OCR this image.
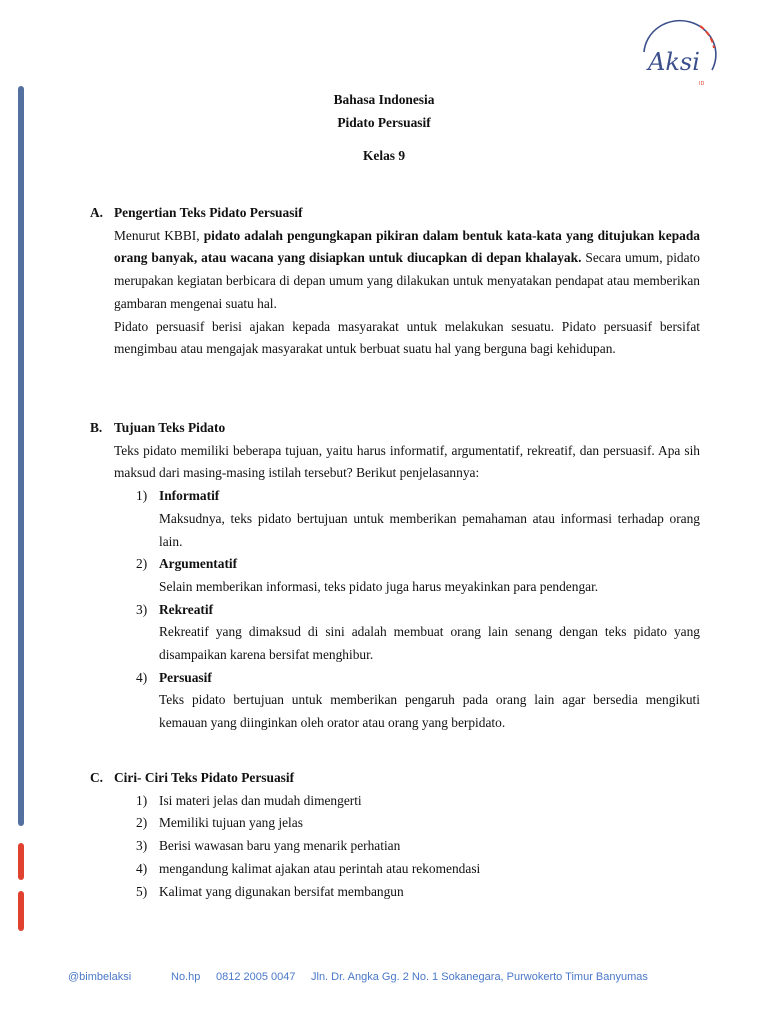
Aksi
ID
Bahasa Indonesia
Pidato Persuasif
Kelas 9
A. Pengertian Teks Pidato Persuasif
Menurut KBBI, pidato adalah pengungkapan pikiran dalam bentuk kata-kata yang ditujukan kepada orang banyak, atau wacana yang disiapkan untuk diucapkan di depan khalayak. Secara umum, pidato merupakan kegiatan berbicara di depan umum yang dilakukan untuk menyatakan pendapat atau memberikan gambaran mengenai suatu hal.
Pidato persuasif berisi ajakan kepada masyarakat untuk melakukan sesuatu. Pidato persuasif bersifat mengimbau atau mengajak masyarakat untuk berbuat suatu hal yang berguna bagi kehidupan.
B. Tujuan Teks Pidato
Teks pidato memiliki beberapa tujuan, yaitu harus informatif, argumentatif, rekreatif, dan persuasif. Apa sih maksud dari masing-masing istilah tersebut? Berikut penjelasannya:
1) Informatif
Maksudnya, teks pidato bertujuan untuk memberikan pemahaman atau informasi terhadap orang lain.
2) Argumentatif
Selain memberikan informasi, teks pidato juga harus meyakinkan para pendengar.
3) Rekreatif
Rekreatif yang dimaksud di sini adalah membuat orang lain senang dengan teks pidato yang disampaikan karena bersifat menghibur.
4) Persuasif
Teks pidato bertujuan untuk memberikan pengaruh pada orang lain agar bersedia mengikuti kemauan yang diinginkan oleh orator atau orang yang berpidato.
C. Ciri- Ciri Teks Pidato Persuasif
1) Isi materi jelas dan mudah dimengerti
2) Memiliki tujuan yang jelas
3) Berisi wawasan baru yang menarik perhatian
4) mengandung kalimat ajakan atau perintah atau rekomendasi
5) Kalimat yang digunakan bersifat membangun
@bimbelaksi	No.hp 0812 2005 0047 Jln. Dr. Angka Gg. 2 No. 1 Sokanegara, Purwokerto Timur Banyumas
